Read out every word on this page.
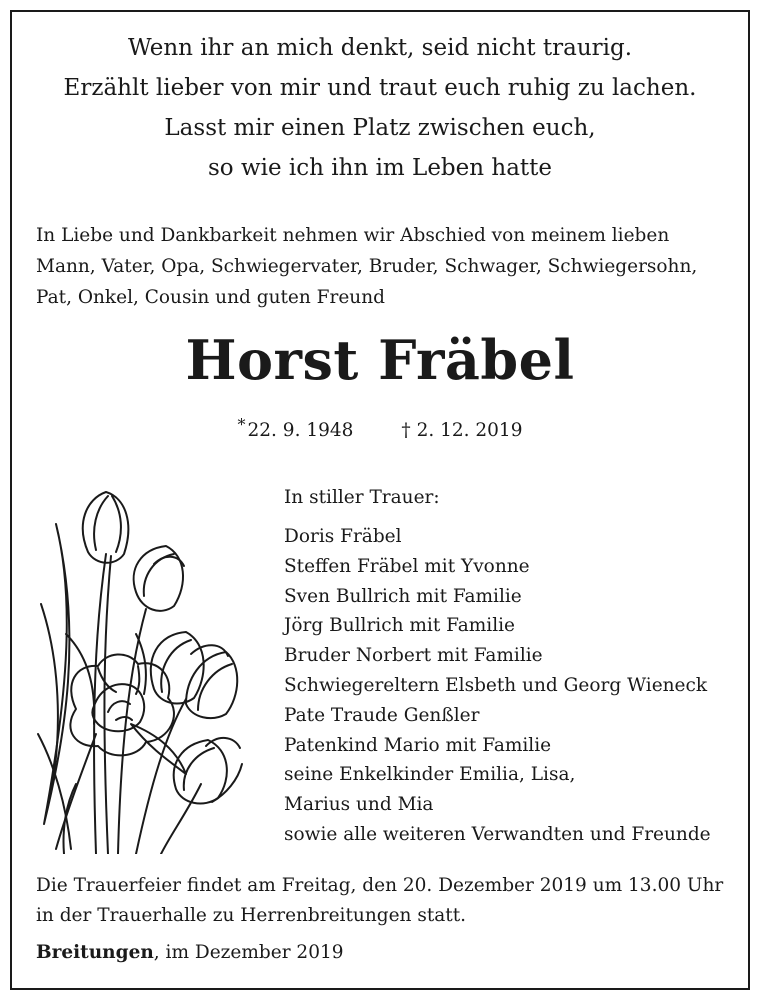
Wenn ihr an mich denkt, seid nicht traurig.
Erzählt lieber von mir und traut euch ruhig zu lachen.
Lasst mir einen Platz zwischen euch,
so wie ich ihn im Leben hatte
In Liebe und Dankbarkeit nehmen wir Abschied von meinem lieben
Mann, Vater, Opa, Schwiegervater, Bruder, Schwager, Schwiegersohn,
Pat, Onkel, Cousin und guten Freund
Horst Fräbel
* 22. 9. 1948	† 2. 12. 2019
In stiller Trauer:
Doris Fräbel
Steffen Fräbel mit Yvonne
Sven Bullrich mit Familie
Jörg Bullrich mit Familie
Bruder Norbert mit Familie
Schwiegereltern Elsbeth und Georg Wieneck
Pate Traude Genßler
Patenkind Mario mit Familie
seine Enkelkinder Emilia, Lisa,
Marius und Mia
sowie alle weiteren Verwandten und Freunde
Die Trauerfeier findet am Freitag, den 20. Dezember 2019 um 13.00 Uhr
in der Trauerhalle zu Herrenbreitungen statt.
Breitungen, im Dezember 2019
